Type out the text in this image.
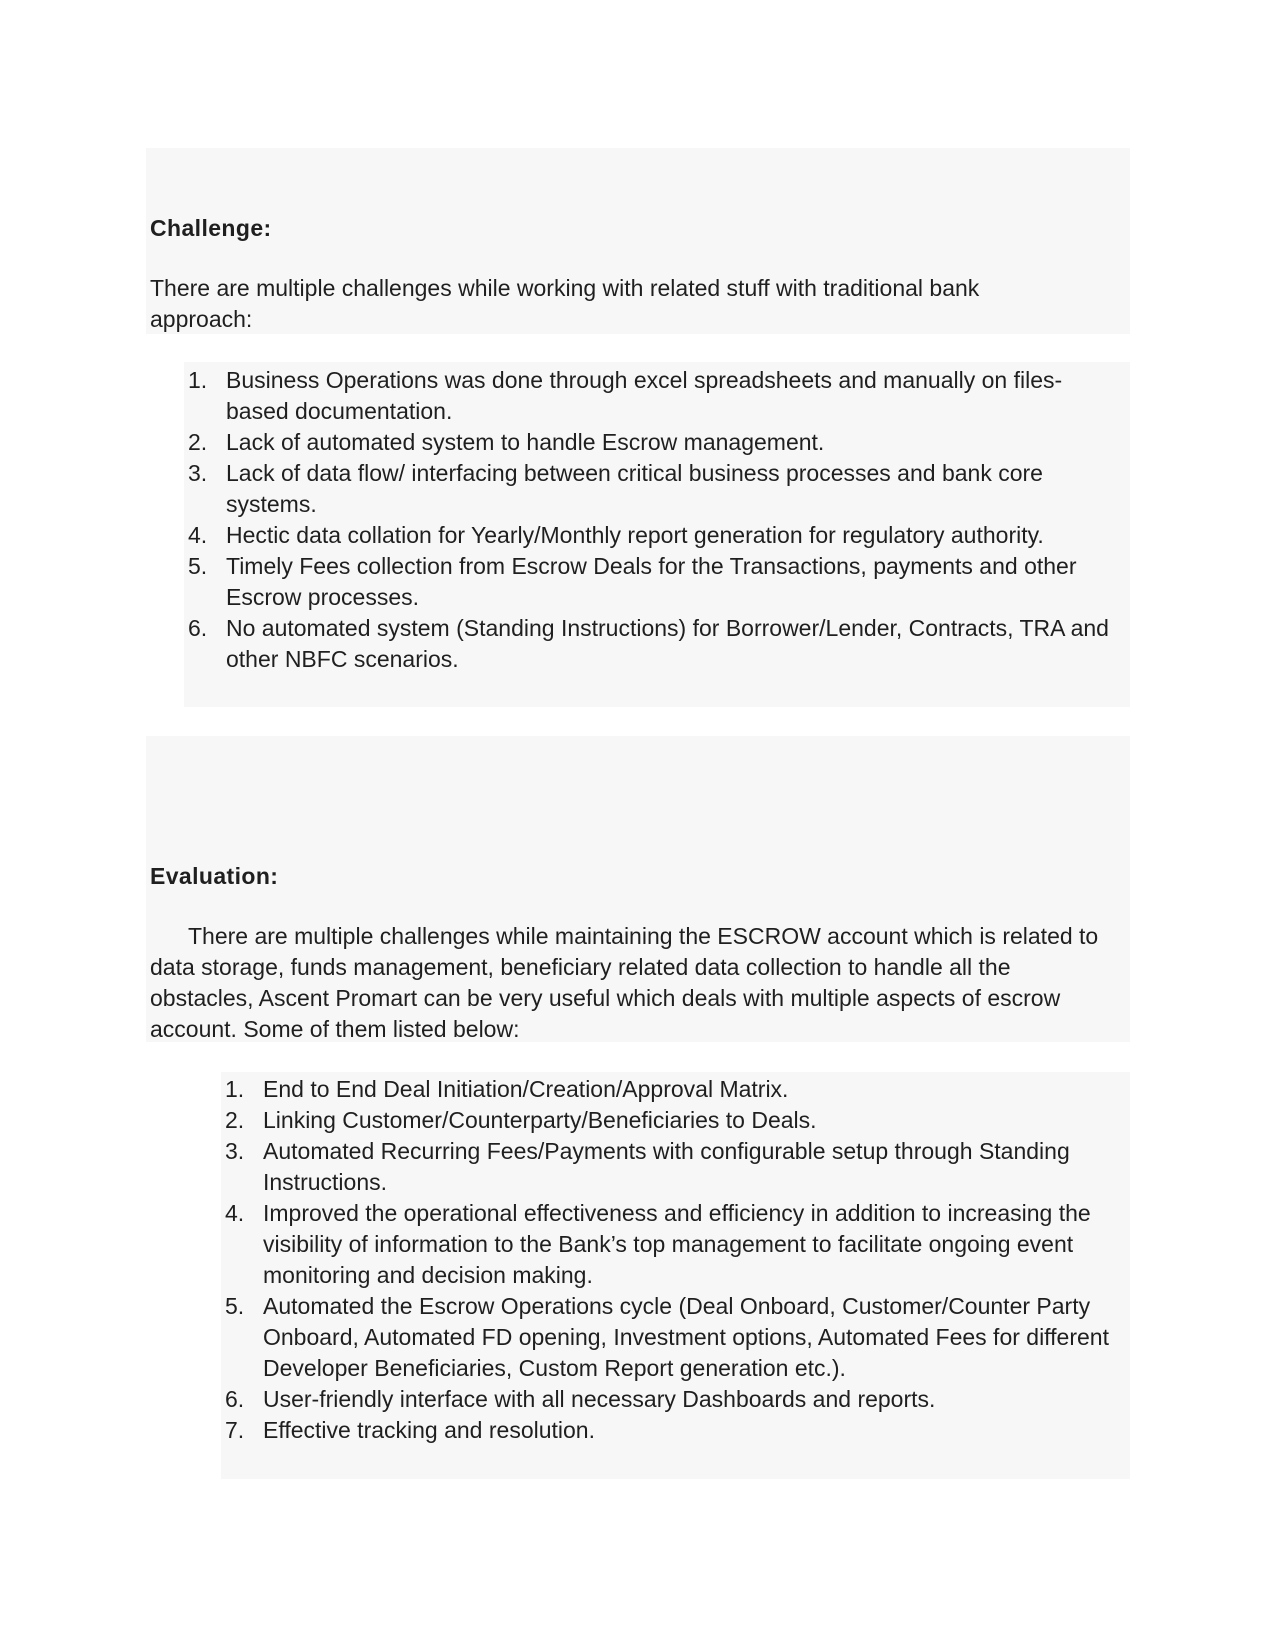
Challenge:

There are multiple challenges while working with related stuff with traditional bank approach:

1. Business Operations was done through excel spreadsheets and manually on files-based documentation.
2. Lack of automated system to handle Escrow management.
3. Lack of data flow/ interfacing between critical business processes and bank core systems.
4. Hectic data collation for Yearly/Monthly report generation for regulatory authority.
5. Timely Fees collection from Escrow Deals for the Transactions, payments and other Escrow processes.
6. No automated system (Standing Instructions) for Borrower/Lender, Contracts, TRA and other NBFC scenarios.
Evaluation:

There are multiple challenges while maintaining the ESCROW account which is related to data storage, funds management, beneficiary related data collection to handle all the obstacles, Ascent Promart can be very useful which deals with multiple aspects of escrow account. Some of them listed below:

1. End to End Deal Initiation/Creation/Approval Matrix.
2. Linking Customer/Counterparty/Beneficiaries to Deals.
3. Automated Recurring Fees/Payments with configurable setup through Standing Instructions.
4. Improved the operational effectiveness and efficiency in addition to increasing the visibility of information to the Bank’s top management to facilitate ongoing event monitoring and decision making.
5. Automated the Escrow Operations cycle (Deal Onboard, Customer/Counter Party Onboard, Automated FD opening, Investment options, Automated Fees for different Developer Beneficiaries, Custom Report generation etc.).
6. User-friendly interface with all necessary Dashboards and reports.
7. Effective tracking and resolution.
